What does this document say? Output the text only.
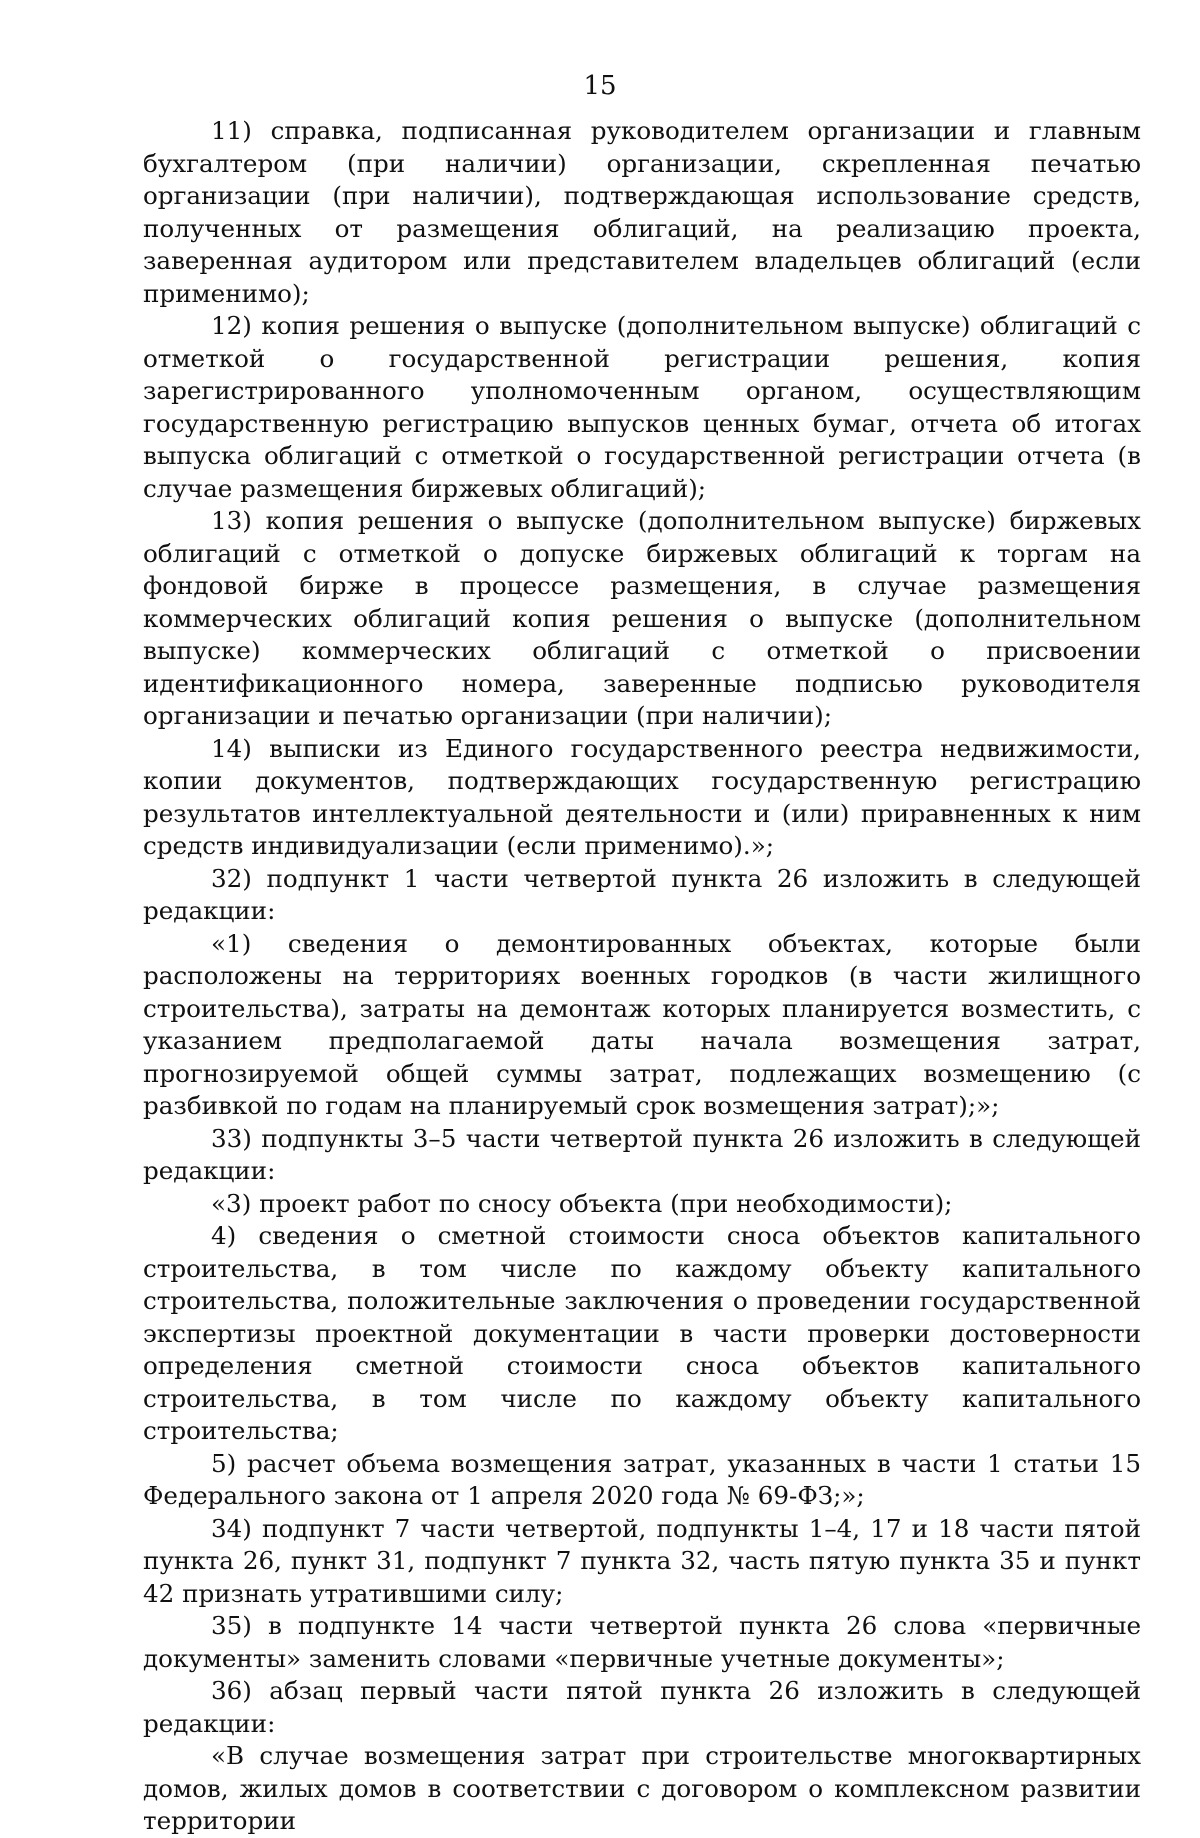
15

11) справка, подписанная руководителем организации и главным бухгалтером (при наличии) организации, скрепленная печатью организации (при наличии), подтверждающая использование средств, полученных от размещения облигаций, на реализацию проекта, заверенная аудитором или представителем владельцев облигаций (если применимо);

12) копия решения о выпуске (дополнительном выпуске) облигаций с отметкой о государственной регистрации решения, копия зарегистрированного уполномоченным органом, осуществляющим государственную регистрацию выпусков ценных бумаг, отчета об итогах выпуска облигаций с отметкой о государственной регистрации отчета (в случае размещения биржевых облигаций);

13) копия решения о выпуске (дополнительном выпуске) биржевых облигаций с отметкой о допуске биржевых облигаций к торгам на фондовой бирже в процессе размещения, в случае размещения коммерческих облигаций копия решения о выпуске (дополнительном выпуске) коммерческих облигаций с отметкой о присвоении идентификационного номера, заверенные подписью руководителя организации и печатью организации (при наличии);

14) выписки из Единого государственного реестра недвижимости, копии документов, подтверждающих государственную регистрацию результатов интеллектуальной деятельности и (или) приравненных к ним средств индивидуализации (если применимо).»;

32) подпункт 1 части четвертой пункта 26 изложить в следующей редакции:

«1) сведения о демонтированных объектах, которые были расположены на территориях военных городков (в части жилищного строительства), затраты на демонтаж которых планируется возместить, с указанием предполагаемой даты начала возмещения затрат, прогнозируемой общей суммы затрат, подлежащих возмещению (с разбивкой по годам на планируемый срок возмещения затрат);»;

33) подпункты 3–5 части четвертой пункта 26 изложить в следующей редакции:

«3) проект работ по сносу объекта (при необходимости);

4) сведения о сметной стоимости сноса объектов капитального строительства, в том числе по каждому объекту капитального строительства, положительные заключения о проведении государственной экспертизы проектной документации в части проверки достоверности определения сметной стоимости сноса объектов капитального строительства, в том числе по каждому объекту капитального строительства;

5) расчет объема возмещения затрат, указанных в части 1 статьи 15 Федерального закона от 1 апреля 2020 года № 69-ФЗ;»;

34) подпункт 7 части четвертой, подпункты 1–4, 17 и 18 части пятой пункта 26, пункт 31, подпункт 7 пункта 32, часть пятую пункта 35 и пункт 42 признать утратившими силу;

35) в подпункте 14 части четвертой пункта 26 слова «первичные документы» заменить словами «первичные учетные документы»;

36) абзац первый части пятой пункта 26 изложить в следующей редакции:

«В случае возмещения затрат при строительстве многоквартирных домов, жилых домов в соответствии с договором о комплексном развитии территории
